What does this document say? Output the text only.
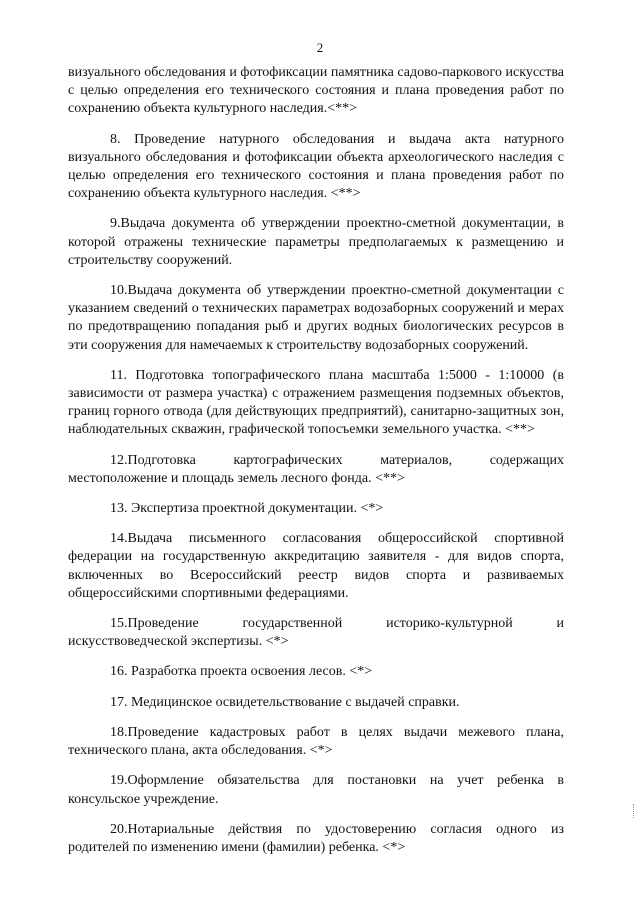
2

визуального обследования и фотофиксации памятника садово-паркового искусства с целью определения его технического состояния и плана проведения работ по сохранению объекта культурного наследия.<**>

8. Проведение натурного обследования и выдача акта натурного визуального обследования и фотофиксации объекта археологического наследия с целью определения его технического состояния и плана проведения работ по сохранению объекта культурного наследия. <**>

9.Выдача документа об утверждении проектно-сметной документации, в которой отражены технические параметры предполагаемых к размещению и строительству сооружений.

10.Выдача документа об утверждении проектно-сметной документации с указанием сведений о технических параметрах водозаборных сооружений и мерах по предотвращению попадания рыб и других водных биологических ресурсов в эти сооружения для намечаемых к строительству водозаборных сооружений.

11. Подготовка топографического плана масштаба 1:5000 - 1:10000 (в зависимости от размера участка) с отражением размещения подземных объектов, границ горного отвода (для действующих предприятий), санитарно-защитных зон, наблюдательных скважин, графической топосъемки земельного участка. <**>

12.Подготовка картографических материалов, содержащих местоположение и площадь земель лесного фонда. <**>

13. Экспертиза проектной документации. <*>

14.Выдача письменного согласования общероссийской спортивной федерации на государственную аккредитацию заявителя - для видов спорта, включенных во Всероссийский реестр видов спорта и развиваемых общероссийскими спортивными федерациями.

15.Проведение государственной историко-культурной и искусствоведческой экспертизы. <*>

16. Разработка проекта освоения лесов. <*>

17. Медицинское освидетельствование с выдачей справки.

18.Проведение кадастровых работ в целях выдачи межевого плана, технического плана, акта обследования. <*>

19.Оформление обязательства для постановки на учет ребенка в консульское учреждение.

20.Нотариальные действия по удостоверению согласия одного из родителей по изменению имени (фамилии) ребенка. <*>
